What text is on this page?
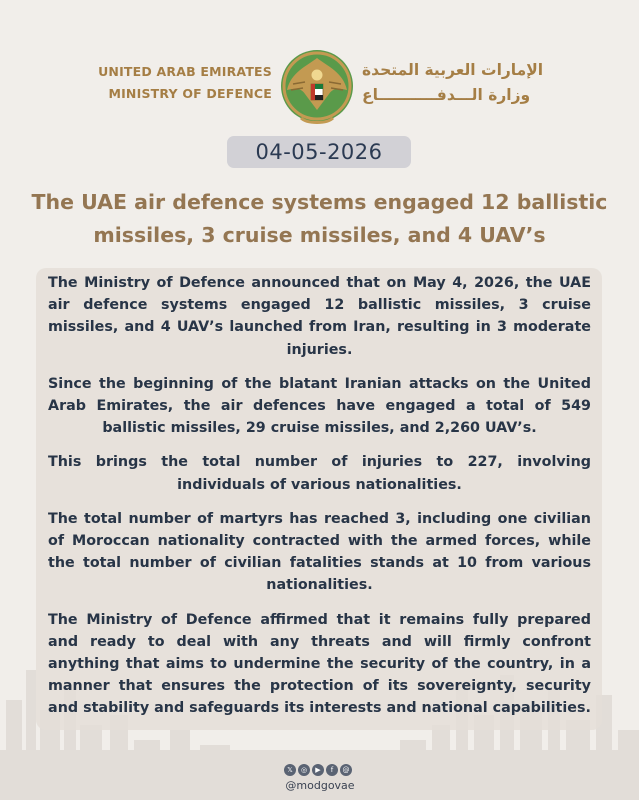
UNITED ARAB EMIRATES
MINISTRY OF DEFENCE
الإمارات العربية المتحدة
وزارة الـــدفـــــــــــاع
04-05-2026
The UAE air defence systems engaged 12 ballistic missiles, 3 cruise missiles, and 4 UAV’s

The Ministry of Defence announced that on May 4, 2026, the UAE air defence systems engaged 12 ballistic missiles, 3 cruise missiles, and 4 UAV’s launched from Iran, resulting in 3 moderate injuries.

Since the beginning of the blatant Iranian attacks on the United Arab Emirates, the air defences have engaged a total of 549 ballistic missiles, 29 cruise missiles, and 2,260 UAV’s.

This brings the total number of injuries to 227, involving individuals of various nationalities.

The total number of martyrs has reached 3, including one civilian of Moroccan nationality contracted with the armed forces, while the total number of civilian fatalities stands at 10 from various nationalities.

The Ministry of Defence affirmed that it remains fully prepared and ready to deal with any threats and will firmly confront anything that aims to undermine the security of the country, in a manner that ensures the protection of its sovereignty, security and stability and safeguards its interests and national capabilities.

𝕏 ◎ ▶ f @
@modgovae
